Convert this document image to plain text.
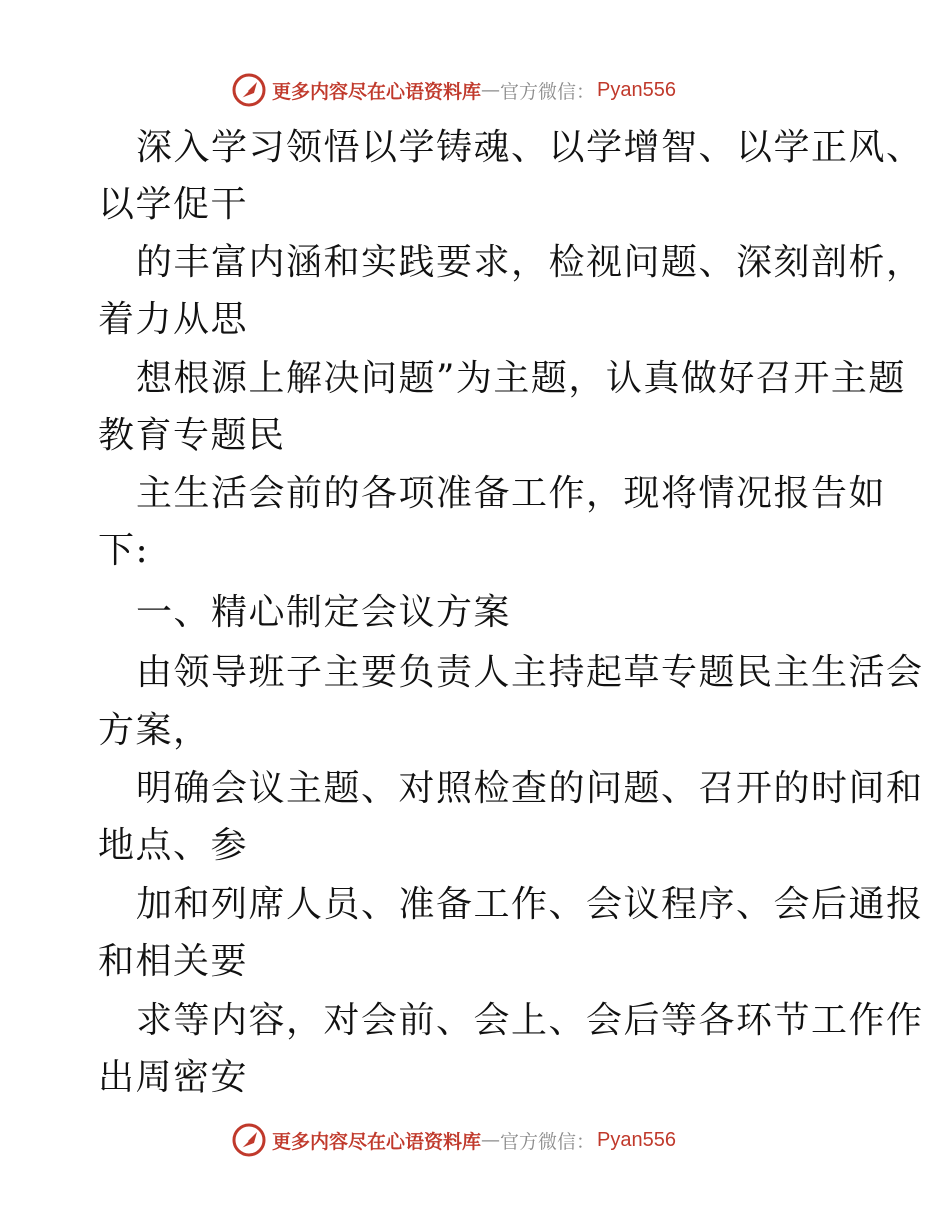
更多内容尽在心语资料库 — 官方微信： Pyan556
深入学习领悟以学铸魂、以学增智、以学正风、
以学促干
的丰富内涵和实践要求，检视问题、深刻剖析，
着力从思
想根源上解决问题”为主题，认真做好召开主题
教育专题民
主生活会前的各项准备工作，现将情况报告如
下:
一、精心制定会议方案
由领导班子主要负责人主持起草专题民主生活会
方案，
明确会议主题、对照检查的问题、召开的时间和
地点、参
加和列席人员、准备工作、会议程序、会后通报
和相关要
求等内容，对会前、会上、会后等各环节工作作
出周密安
更多内容尽在心语资料库 — 官方微信： Pyan556
